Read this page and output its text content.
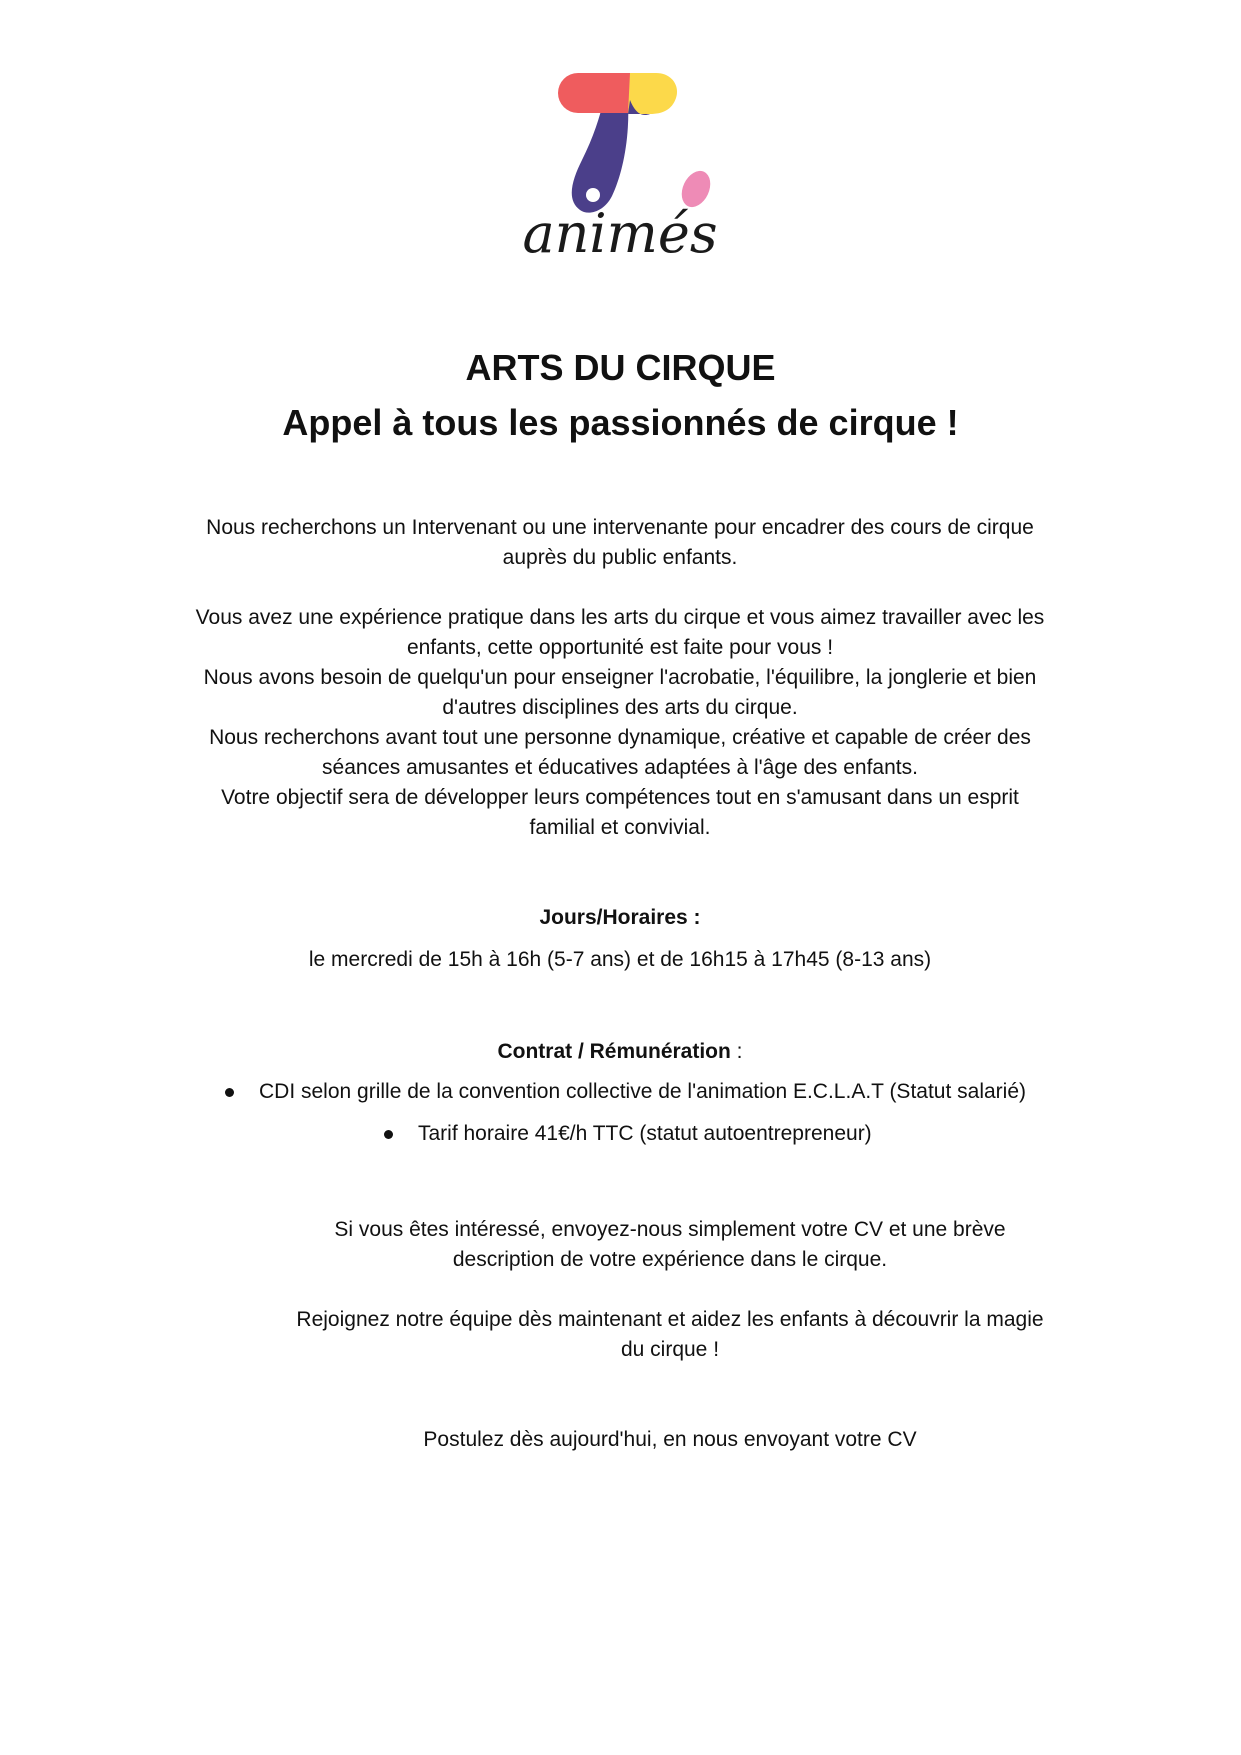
animés
ARTS DU CIRQUE
Appel à tous les passionnés de cirque !

Nous recherchons un Intervenant ou une intervenante pour encadrer des cours de cirque

auprès du public enfants.

Vous avez une expérience pratique dans les arts du cirque et vous aimez travailler avec les

enfants, cette opportunité est faite pour vous !

Nous avons besoin de quelqu'un pour enseigner l'acrobatie, l'équilibre, la jonglerie et bien

d'autres disciplines des arts du cirque.

Nous recherchons avant tout une personne dynamique, créative et capable de créer des

séances amusantes et éducatives adaptées à l'âge des enfants.

Votre objectif sera de développer leurs compétences tout en s'amusant dans un esprit

familial et convivial.

Jours/Horaires :

le mercredi de 15h à 16h (5-7 ans) et de 16h15 à 17h45 (8-13 ans)

Contrat / Rémunération :

CDI selon grille de la convention collective de l'animation E.C.L.A.T (Statut salarié)

Tarif horaire 41€/h TTC (statut autoentrepreneur)

Si vous êtes intéressé, envoyez-nous simplement votre CV et une brève

description de votre expérience dans le cirque.

Rejoignez notre équipe dès maintenant et aidez les enfants à découvrir la magie

du cirque !

Postulez dès aujourd'hui, en nous envoyant votre CV
